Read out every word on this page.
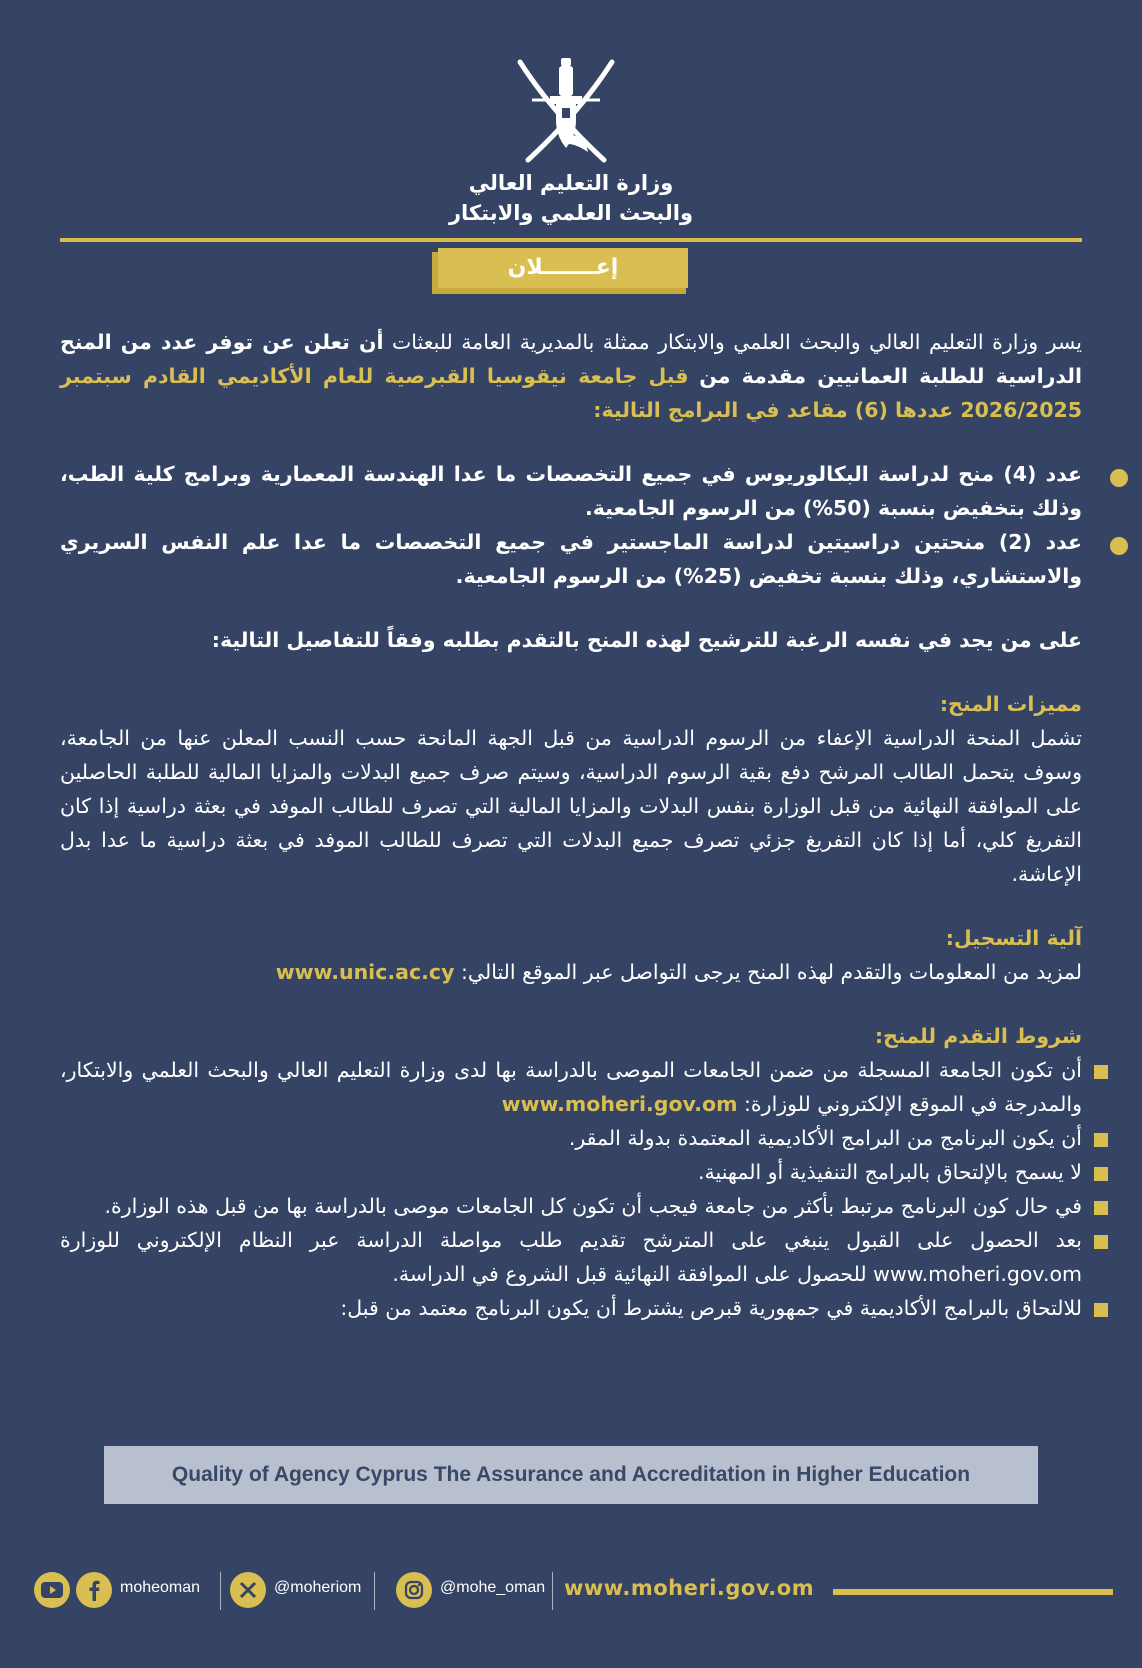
وزارة التعليم العالي
والبحث العلمي والابتكار
إعـــــــلان

يسر وزارة التعليم العالي والبحث العلمي والابتكار ممثلة بالمديرية العامة للبعثات أن تعلن عن توفر عدد من المنح الدراسية للطلبة العمانيين مقدمة من قبل جامعة نيقوسيا القبرصية للعام الأكاديمي القادم سبتمبر 2026/2025 عددها (6) مقاعد في البرامج التالية:

عدد (4) منح لدراسة البكالوريوس في جميع التخصصات ما عدا الهندسة المعمارية وبرامج كلية الطب، وذلك بتخفيض بنسبة (50%) من الرسوم الجامعية.
عدد (2) منحتين دراسيتين لدراسة الماجستير في جميع التخصصات ما عدا علم النفس السريري والاستشاري، وذلك بنسبة تخفيض (25%) من الرسوم الجامعية.

على من يجد في نفسه الرغبة للترشيح لهذه المنح بالتقدم بطلبه وفقاً للتفاصيل التالية:

مميزات المنح:

تشمل المنحة الدراسية الإعفاء من الرسوم الدراسية من قبل الجهة المانحة حسب النسب المعلن عنها من الجامعة، وسوف يتحمل الطالب المرشح دفع بقية الرسوم الدراسية، وسيتم صرف جميع البدلات والمزايا المالية للطلبة الحاصلين على الموافقة النهائية من قبل الوزارة بنفس البدلات والمزايا المالية التي تصرف للطالب الموفد في بعثة دراسية إذا كان التفريغ كلي، أما إذا كان التفريغ جزئي تصرف جميع البدلات التي تصرف للطالب الموفد في بعثة دراسية ما عدا بدل الإعاشة.

آلية التسجيل:

لمزيد من المعلومات والتقدم لهذه المنح يرجى التواصل عبر الموقع التالي: www.unic.ac.cy

شروط التقدم للمنح:

أن تكون الجامعة المسجلة من ضمن الجامعات الموصى بالدراسة بها لدى وزارة التعليم العالي والبحث العلمي والابتكار، والمدرجة في الموقع الإلكتروني للوزارة: www.moheri.gov.om
أن يكون البرنامج من البرامج الأكاديمية المعتمدة بدولة المقر.
لا يسمح بالإلتحاق بالبرامج التنفيذية أو المهنية.
في حال كون البرنامج مرتبط بأكثر من جامعة فيجب أن تكون كل الجامعات موصى بالدراسة بها من قبل هذه الوزارة.
بعد الحصول على القبول ينبغي على المترشح تقديم طلب مواصلة الدراسة عبر النظام الإلكتروني للوزارة www.moheri.gov.om للحصول على الموافقة النهائية قبل الشروع في الدراسة.
للالتحاق بالبرامج الأكاديمية في جمهورية قبرص يشترط أن يكون البرنامج معتمد من قبل:
Quality of Agency Cyprus The Assurance and Accreditation in Higher Education
moheoman	@moheriom	@mohe_oman www.moheri.gov.om
